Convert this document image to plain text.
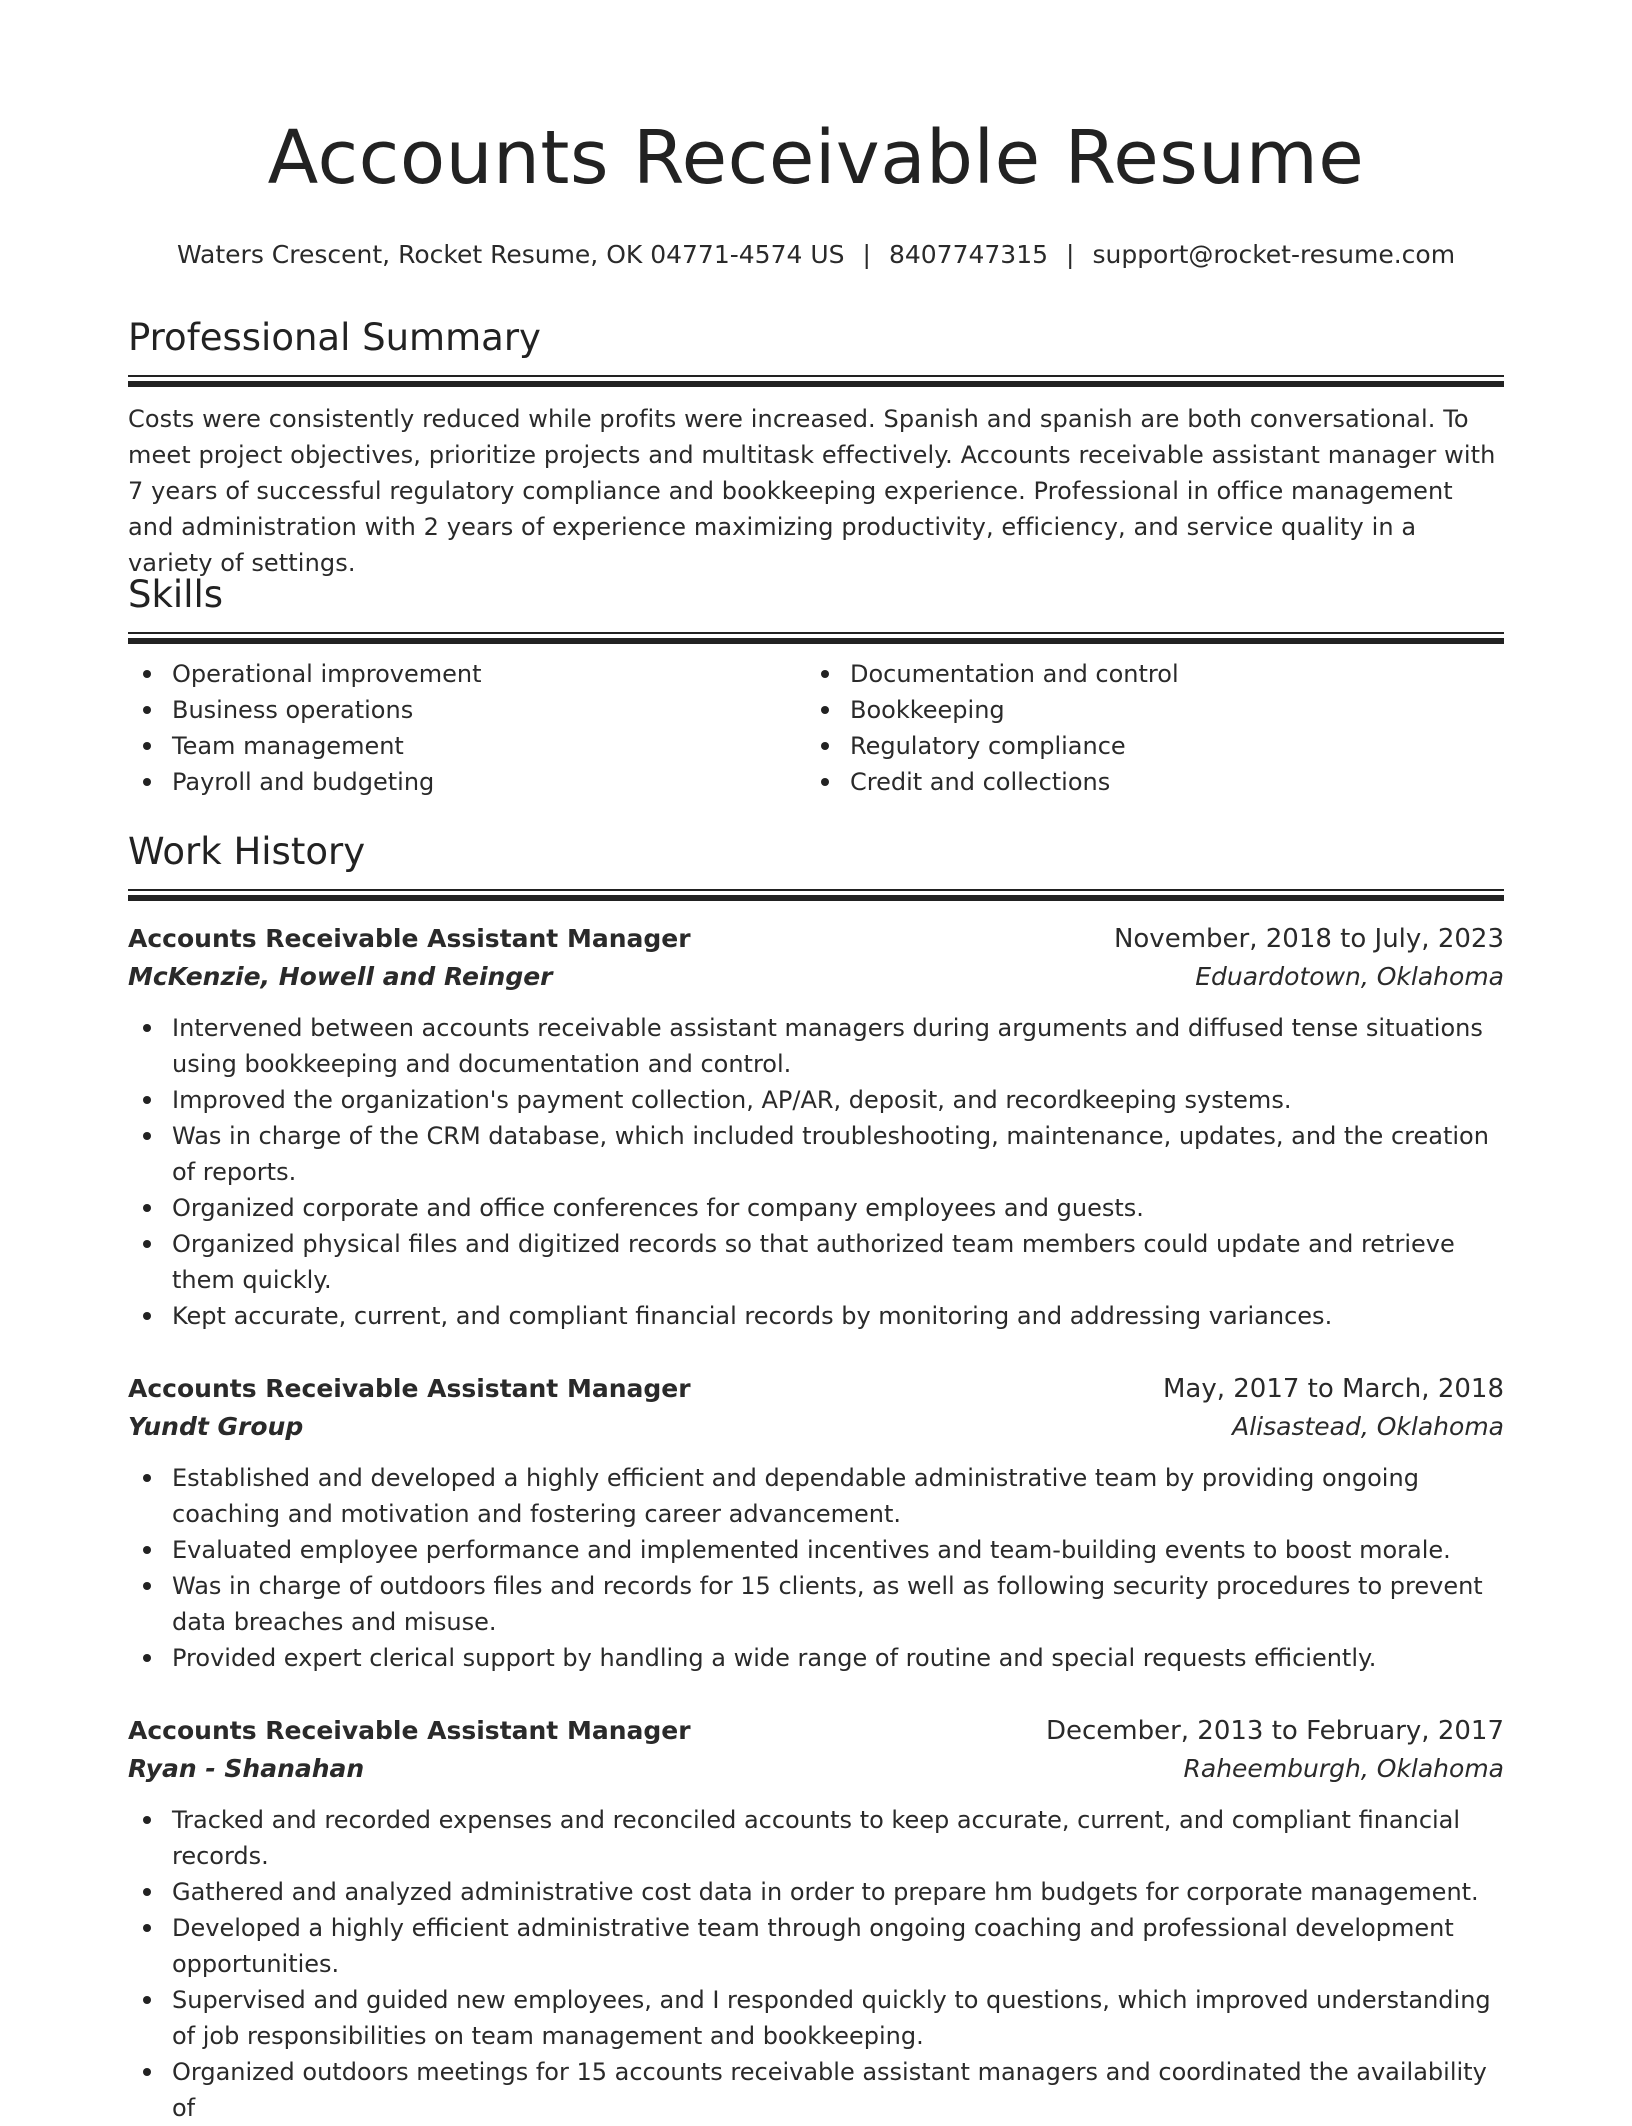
Accounts Receivable Resume
Waters Crescent, Rocket Resume, OK 04771-4574 US | 8407747315 | support@rocket-resume.com
Professional Summary

Costs were consistently reduced while profits were increased. Spanish and spanish are both conversational. To meet project objectives, prioritize projects and multitask effectively. Accounts receivable assistant manager with 7 years of successful regulatory compliance and bookkeeping experience. Professional in office management and administration with 2 years of experience maximizing productivity, efficiency, and service quality in a variety of settings.

Skills
Operational improvement
Business operations
Team management
Payroll and budgeting
Documentation and control
Bookkeeping
Regulatory compliance
Credit and collections
Work History
Accounts Receivable Assistant Manager	November, 2018 to July, 2023
McKenzie, Howell and Reinger	Eduardotown, Oklahoma
Intervened between accounts receivable assistant managers during arguments and diffused tense situations using bookkeeping and documentation and control.
Improved the organization's payment collection, AP/AR, deposit, and recordkeeping systems.
Was in charge of the CRM database, which included troubleshooting, maintenance, updates, and the creation of reports.
Organized corporate and office conferences for company employees and guests.
Organized physical files and digitized records so that authorized team members could update and retrieve them quickly.
Kept accurate, current, and compliant financial records by monitoring and addressing variances.
Accounts Receivable Assistant Manager	May, 2017 to March, 2018
Yundt Group	Alisastead, Oklahoma
Established and developed a highly efficient and dependable administrative team by providing ongoing coaching and motivation and fostering career advancement.
Evaluated employee performance and implemented incentives and team-building events to boost morale.
Was in charge of outdoors files and records for 15 clients, as well as following security procedures to prevent data breaches and misuse.
Provided expert clerical support by handling a wide range of routine and special requests efficiently.
Accounts Receivable Assistant Manager	December, 2013 to February, 2017
Ryan - Shanahan	Raheemburgh, Oklahoma
Tracked and recorded expenses and reconciled accounts to keep accurate, current, and compliant financial records.
Gathered and analyzed administrative cost data in order to prepare hm budgets for corporate management.
Developed a highly efficient administrative team through ongoing coaching and professional development opportunities.
Supervised and guided new employees, and I responded quickly to questions, which improved understanding of job responsibilities on team management and bookkeeping.
Organized outdoors meetings for 15 accounts receivable assistant managers and coordinated the availability of
